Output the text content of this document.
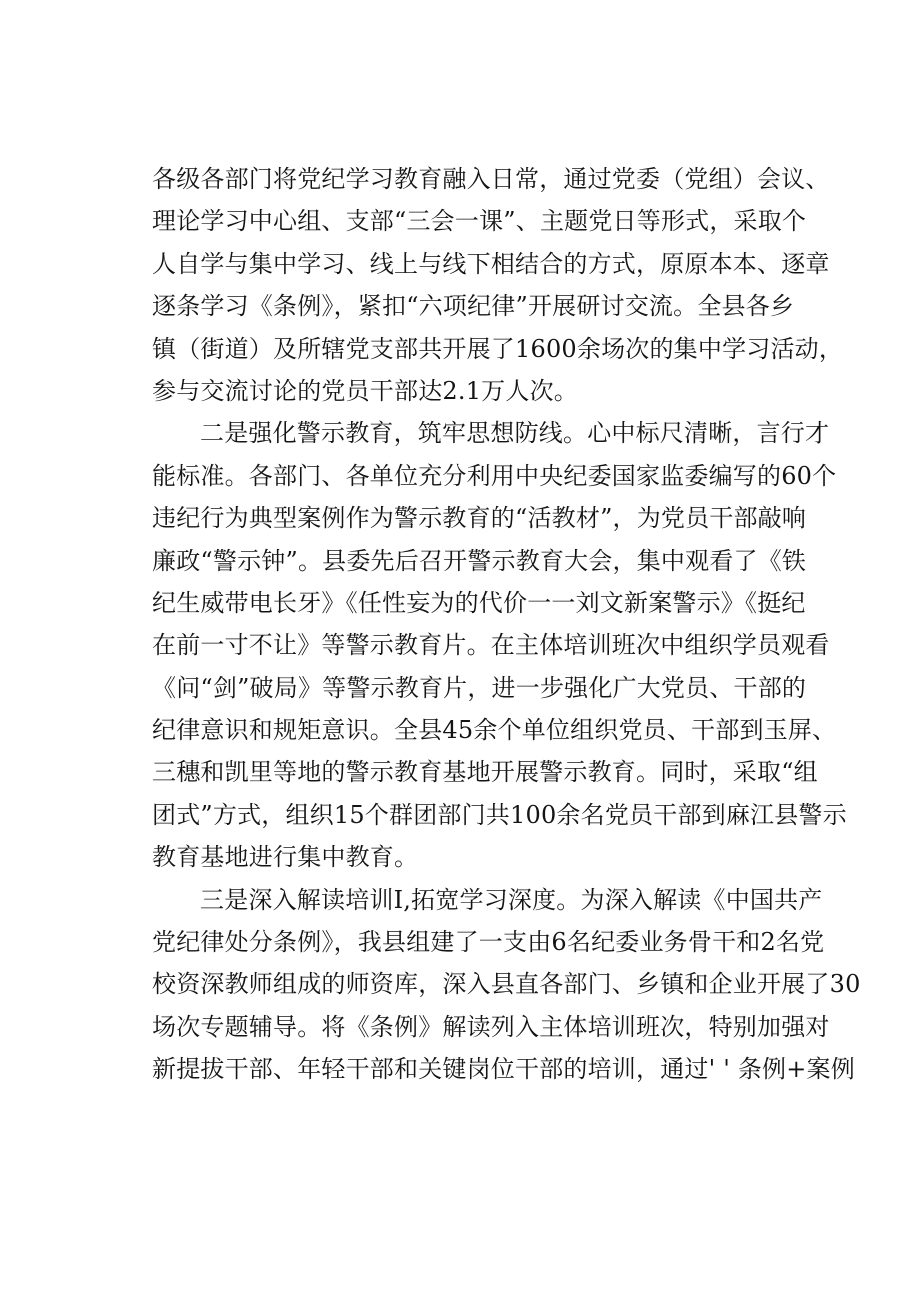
各级各部门将党纪学习教育融入日常，通过党委（党组）会议、
理论学习中心组、支部“三会一课”、主题党日等形式，采取个
人自学与集中学习、线上与线下相结合的方式，原原本本、逐章
逐条学习《条例》，紧扣“六项纪律”开展研讨交流。全县各乡
镇（街道）及所辖党支部共开展了1600余场次的集中学习活动，
参与交流讨论的党员干部达2.1万人次。
二是强化警示教育，筑牢思想防线。心中标尺清晰，言行才
能标准。各部门、各单位充分利用中央纪委国家监委编写的60个
违纪行为典型案例作为警示教育的“活教材”，为党员干部敲响
廉政“警示钟”。县委先后召开警示教育大会，集中观看了《铁
纪生威带电长牙》《任性妄为的代价一一刘文新案警示》《挺纪
在前一寸不让》等警示教育片。在主体培训班次中组织学员观看
《问“剑”破局》等警示教育片，进一步强化广大党员、干部的
纪律意识和规矩意识。全县45余个单位组织党员、干部到玉屏、
三穗和凯里等地的警示教育基地开展警示教育。同时，采取“组
团式”方式，组织15个群团部门共100余名党员干部到麻江县警示
教育基地进行集中教育。
三是深入解读培训I,拓宽学习深度。为深入解读《中国共产
党纪律处分条例》，我县组建了一支由6名纪委业务骨干和2名党
校资深教师组成的师资库，深入县直各部门、乡镇和企业开展了30
场次专题辅导。将《条例》解读列入主体培训班次，特别加强对
新提拔干部、年轻干部和关键岗位干部的培训，通过' ' 条例+案例
